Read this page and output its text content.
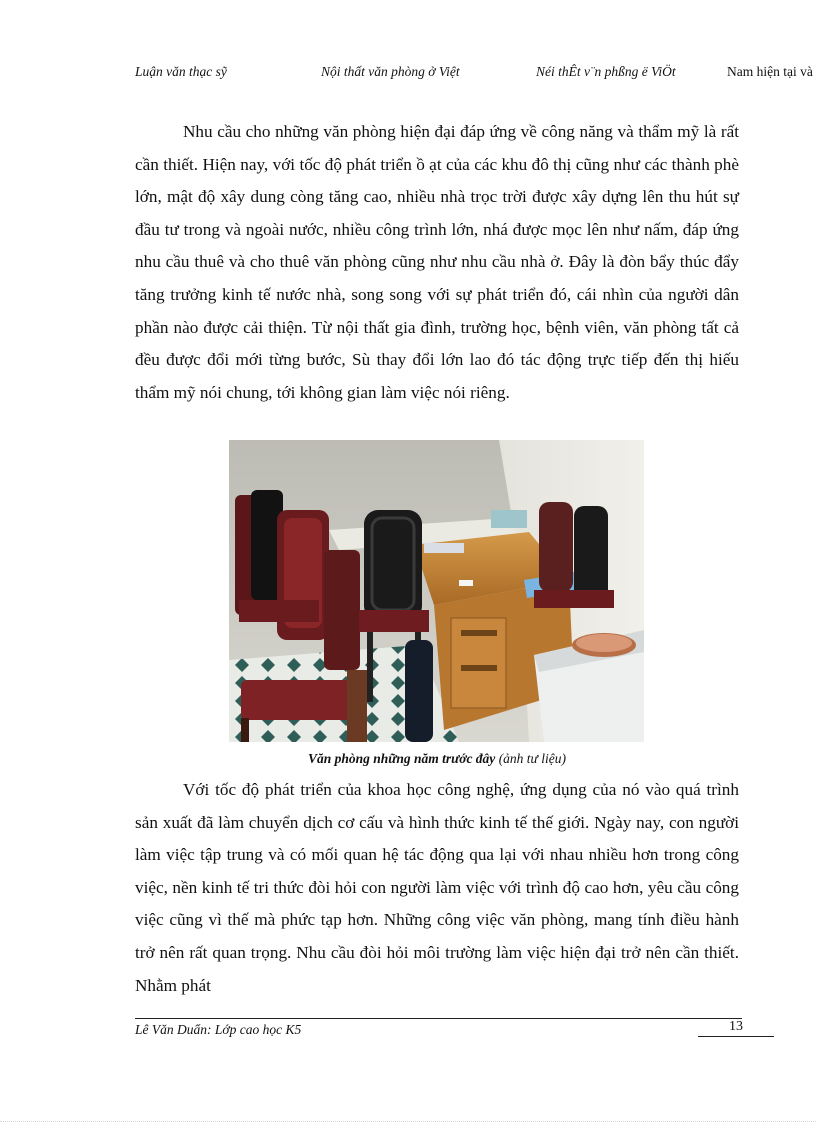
Luận văn thạc sỹ	Nội thất văn phòng ở Việt	Néi thÊt v¨n phßng ë ViÖt	Nam hiện tại và

Nhu cầu cho những văn phòng hiện đại đáp ứng về công năng và thẩm mỹ là rất cần thiết. Hiện nay, với tốc độ phát triển ồ ạt của các khu đô thị cũng như các thành phè lớn, mật độ xây dung còng tăng cao, nhiều nhà trọc trời được xây dựng lên thu hút sự đầu tư trong và ngoài nước, nhiều công trình lớn, nhá được mọc lên như nấm, đáp ứng nhu cầu thuê và cho thuê văn phòng cũng như nhu cầu nhà ở. Đây là đòn bẩy thúc đẩy tăng trưởng kinh tế nước nhà, song song với sự phát triển đó, cái nhìn của người dân phần nào được cải thiện. Từ nội thất gia đình, trường học, bệnh viên, văn phòng tất cả đều được đổi mới từng bước, Sù thay đổi lớn lao đó tác động trực tiếp đến thị hiếu thẩm mỹ nói chung, tới không gian làm việc nói riêng.

Văn phòng những năm trước đây (ảnh tư liệu)

Với tốc độ phát triển của khoa học công nghệ, ứng dụng của nó vào quá trình sản xuất đã làm chuyển dịch cơ cấu và hình thức kinh tế thế giới. Ngày nay, con người làm việc tập trung và có mối quan hệ tác động qua lại với nhau nhiều hơn trong công việc, nền kinh tế tri thức đòi hỏi con người làm việc với trình độ cao hơn, yêu cầu công việc cũng vì thế mà phức tạp hơn. Những công việc văn phòng, mang tính điều hành trở nên rất quan trọng. Nhu cầu đòi hỏi môi trường làm việc hiện đại trở nên cần thiết. Nhằm phát

Lê Văn Duẩn: Lớp cao học K5	13
